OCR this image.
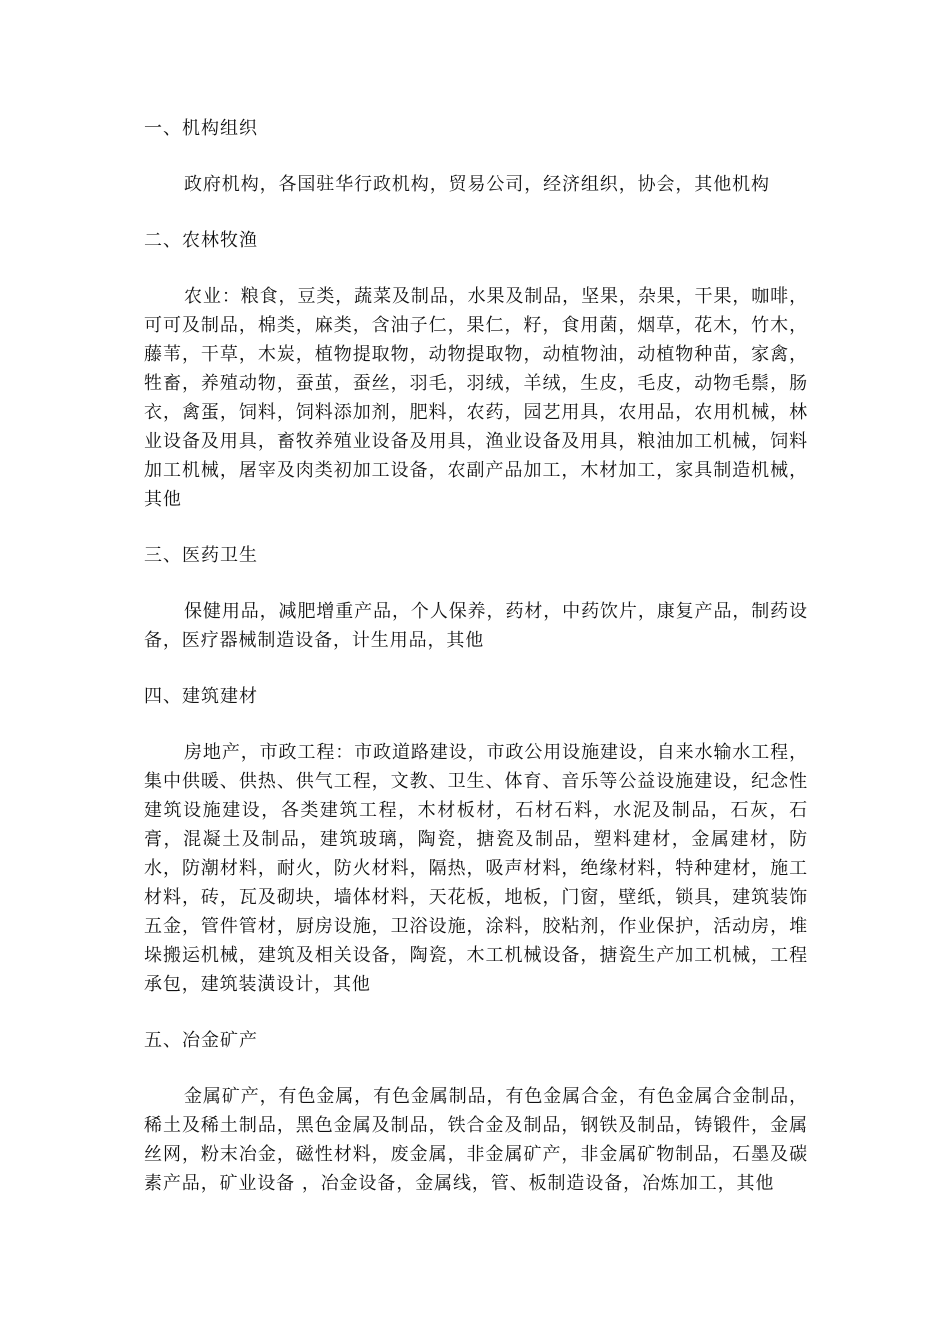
一、机构组织

政府机构，各国驻华行政机构，贸易公司，经济组织，协会，其他机构

二、农林牧渔

农业：粮食，豆类，蔬菜及制品，水果及制品，坚果，杂果，干果，咖啡，可可及制品，棉类，麻类，含油子仁，果仁，籽，食用菌，烟草，花木，竹木，藤苇，干草，木炭，植物提取物，动物提取物，动植物油，动植物种苗，家禽，牲畜，养殖动物，蚕茧，蚕丝，羽毛，羽绒，羊绒，生皮，毛皮，动物毛鬃，肠衣，禽蛋，饲料，饲料添加剂，肥料，农药，园艺用具，农用品，农用机械，林业设备及用具，畜牧养殖业设备及用具，渔业设备及用具，粮油加工机械，饲料加工机械，屠宰及肉类初加工设备，农副产品加工，木材加工，家具制造机械，其他

三、医药卫生

保健用品，减肥增重产品，个人保养，药材，中药饮片，康复产品，制药设备，医疗器械制造设备，计生用品，其他

四、建筑建材

房地产，市政工程：市政道路建设，市政公用设施建设，自来水输水工程，集中供暖、供热、供气工程，文教、卫生、体育、音乐等公益设施建设，纪念性建筑设施建设，各类建筑工程，木材板材，石材石料，水泥及制品，石灰，石膏，混凝土及制品，建筑玻璃，陶瓷，搪瓷及制品，塑料建材，金属建材，防水，防潮材料，耐火，防火材料，隔热，吸声材料，绝缘材料，特种建材，施工材料，砖，瓦及砌块，墙体材料，天花板，地板，门窗，壁纸，锁具，建筑装饰五金，管件管材，厨房设施，卫浴设施，涂料，胶粘剂，作业保护，活动房，堆垛搬运机械，建筑及相关设备，陶瓷，木工机械设备，搪瓷生产加工机械，工程承包，建筑装潢设计，其他

五、冶金矿产

金属矿产，有色金属，有色金属制品，有色金属合金，有色金属合金制品，稀土及稀土制品，黑色金属及制品，铁合金及制品，钢铁及制品，铸锻件，金属丝网，粉末冶金，磁性材料，废金属，非金属矿产，非金属矿物制品，石墨及碳素产品，矿业设备 ，冶金设备，金属线，管、板制造设备，冶炼加工，其他
